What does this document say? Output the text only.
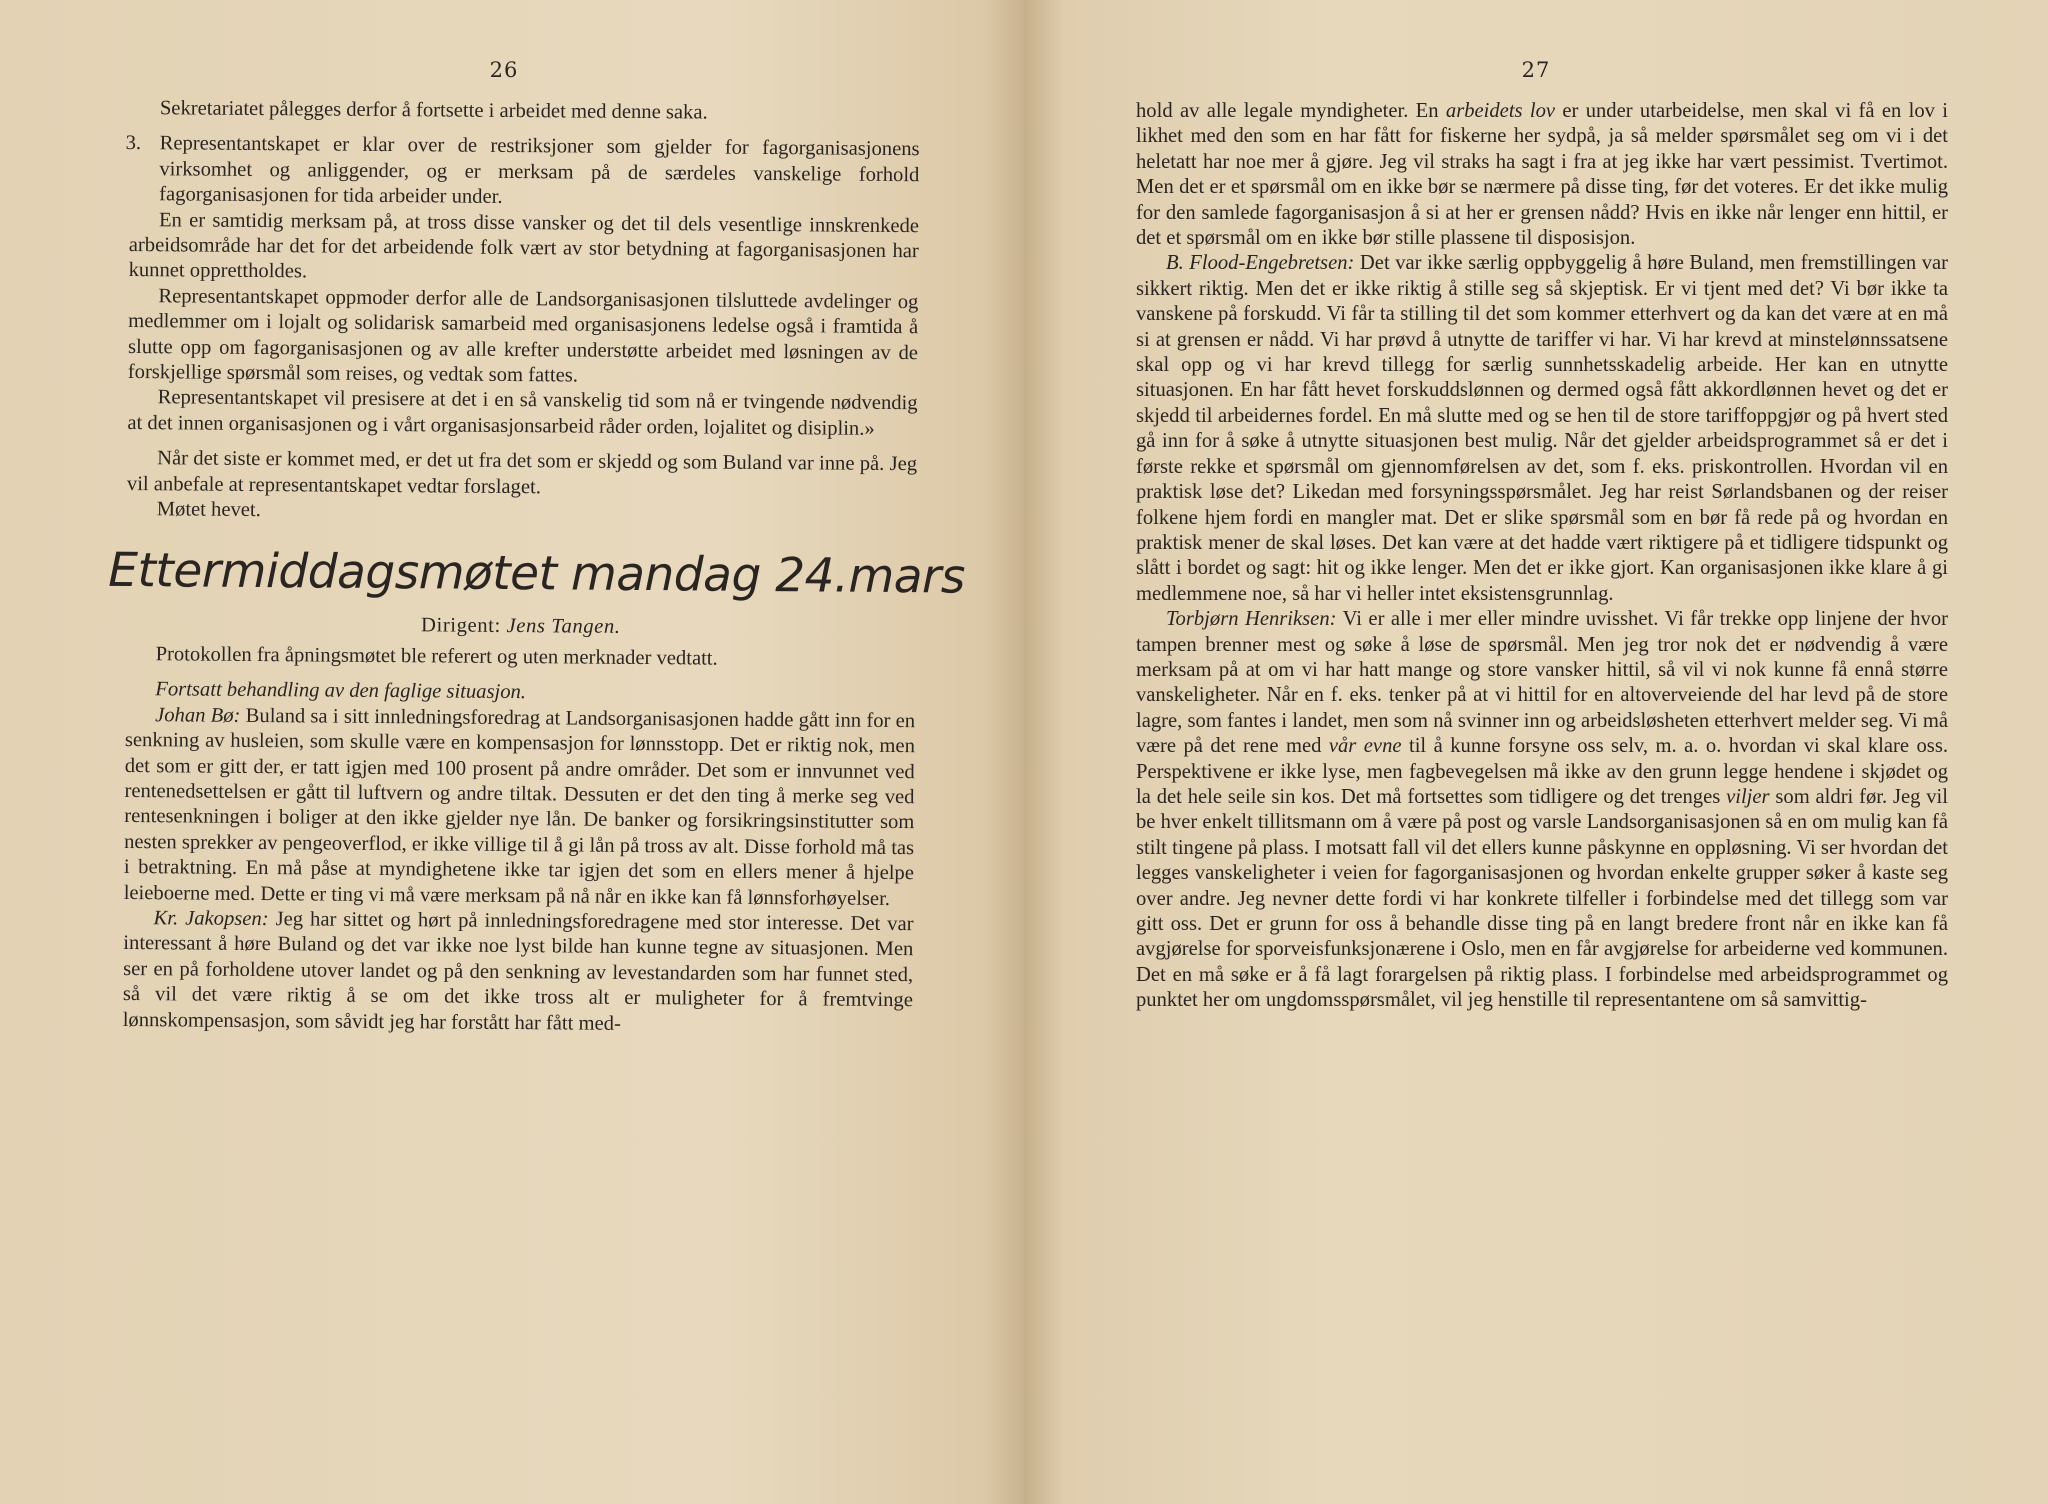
26

Sekretariatet pålegges derfor å fortsette i arbeidet med denne saka.

3. Representantskapet er klar over de restriksjoner som gjelder for fagorganisasjonens virksomhet og anliggender, og er merksam på de særdeles vanskelige forhold fagorganisasjonen for tida arbeider under.

En er samtidig merksam på, at tross disse vansker og det til dels vesentlige innskrenkede arbeidsområde har det for det arbeidende folk vært av stor betydning at fagorganisasjonen har kunnet opprettholdes.

Representantskapet oppmoder derfor alle de Landsorganisasjonen tilsluttede avdelinger og medlemmer om i lojalt og solidarisk samarbeid med organisasjonens ledelse også i framtida å slutte opp om fagorganisasjonen og av alle krefter understøtte arbeidet med løsningen av de forskjellige spørsmål som reises, og vedtak som fattes.

Representantskapet vil presisere at det i en så vanskelig tid som nå er tvingende nødvendig at det innen organisasjonen og i vårt organisasjonsarbeid råder orden, lojalitet og disiplin.»

Når det siste er kommet med, er det ut fra det som er skjedd og som Buland var inne på. Jeg vil anbefale at representantskapet vedtar forslaget.

Møtet hevet.

Ettermiddagsmøtet mandag 24.mars

Dirigent: Jens Tangen.

Protokollen fra åpningsmøtet ble referert og uten merknader vedtatt.

Fortsatt behandling av den faglige situasjon.

Johan Bø: Buland sa i sitt innledningsforedrag at Landsorganisasjonen hadde gått inn for en senkning av husleien, som skulle være en kompensasjon for lønnsstopp. Det er riktig nok, men det som er gitt der, er tatt igjen med 100 prosent på andre områder. Det som er innvunnet ved rentenedsettelsen er gått til luftvern og andre tiltak. Dessuten er det den ting å merke seg ved rentesenkningen i boliger at den ikke gjelder nye lån. De banker og forsikringsinstitutter som nesten sprekker av pengeoverflod, er ikke villige til å gi lån på tross av alt. Disse forhold må tas i betraktning. En må påse at myndighetene ikke tar igjen det som en ellers mener å hjelpe leieboerne med. Dette er ting vi må være merksam på nå når en ikke kan få lønnsforhøyelser.

Kr. Jakopsen: Jeg har sittet og hørt på innledningsforedragene med stor interesse. Det var interessant å høre Buland og det var ikke noe lyst bilde han kunne tegne av situasjonen. Men ser en på forholdene utover landet og på den senkning av levestandarden som har funnet sted, så vil det være riktig å se om det ikke tross alt er muligheter for å fremtvinge lønnskompensasjon, som såvidt jeg har forstått har fått med-

27

hold av alle legale myndigheter. En arbeidets lov er under utarbeidelse, men skal vi få en lov i likhet med den som en har fått for fiskerne her sydpå, ja så melder spørsmålet seg om vi i det heletatt har noe mer å gjøre. Jeg vil straks ha sagt i fra at jeg ikke har vært pessimist. Tvertimot. Men det er et spørsmål om en ikke bør se nærmere på disse ting, før det voteres. Er det ikke mulig for den samlede fagorganisasjon å si at her er grensen nådd? Hvis en ikke når lenger enn hittil, er det et spørsmål om en ikke bør stille plassene til disposisjon.

B. Flood-Engebretsen: Det var ikke særlig oppbyggelig å høre Buland, men fremstillingen var sikkert riktig. Men det er ikke riktig å stille seg så skjeptisk. Er vi tjent med det? Vi bør ikke ta vanskene på forskudd. Vi får ta stilling til det som kommer etterhvert og da kan det være at en må si at grensen er nådd. Vi har prøvd å utnytte de tariffer vi har. Vi har krevd at minstelønnssatsene skal opp og vi har krevd tillegg for særlig sunnhetsskadelig arbeide. Her kan en utnytte situasjonen. En har fått hevet forskuddslønnen og dermed også fått akkordlønnen hevet og det er skjedd til arbeidernes fordel. En må slutte med og se hen til de store tariffoppgjør og på hvert sted gå inn for å søke å utnytte situasjonen best mulig. Når det gjelder arbeidsprogrammet så er det i første rekke et spørsmål om gjennomførelsen av det, som f. eks. priskontrollen. Hvordan vil en praktisk løse det? Likedan med forsyningsspørsmålet. Jeg har reist Sørlandsbanen og der reiser folkene hjem fordi en mangler mat. Det er slike spørsmål som en bør få rede på og hvordan en praktisk mener de skal løses. Det kan være at det hadde vært riktigere på et tidligere tidspunkt og slått i bordet og sagt: hit og ikke lenger. Men det er ikke gjort. Kan organisasjonen ikke klare å gi medlemmene noe, så har vi heller intet eksistensgrunnlag.

Torbjørn Henriksen: Vi er alle i mer eller mindre uvisshet. Vi får trekke opp linjene der hvor tampen brenner mest og søke å løse de spørsmål. Men jeg tror nok det er nødvendig å være merksam på at om vi har hatt mange og store vansker hittil, så vil vi nok kunne få ennå større vanskeligheter. Når en f. eks. tenker på at vi hittil for en altoverveiende del har levd på de store lagre, som fantes i landet, men som nå svinner inn og arbeidsløsheten etterhvert melder seg. Vi må være på det rene med vår evne til å kunne forsyne oss selv, m. a. o. hvordan vi skal klare oss. Perspektivene er ikke lyse, men fagbevegelsen må ikke av den grunn legge hendene i skjødet og la det hele seile sin kos. Det må fortsettes som tidligere og det trenges viljer som aldri før. Jeg vil be hver enkelt tillitsmann om å være på post og varsle Landsorganisasjonen så en om mulig kan få stilt tingene på plass. I motsatt fall vil det ellers kunne påskynne en oppløsning. Vi ser hvordan det legges vanskeligheter i veien for fagorganisasjonen og hvordan enkelte grupper søker å kaste seg over andre. Jeg nevner dette fordi vi har konkrete tilfeller i forbindelse med det tillegg som var gitt oss. Det er grunn for oss å behandle disse ting på en langt bredere front når en ikke kan få avgjørelse for sporveisfunksjonærene i Oslo, men en får avgjørelse for arbeiderne ved kommunen. Det en må søke er å få lagt forargelsen på riktig plass. I forbindelse med arbeidsprogrammet og punktet her om ungdomsspørsmålet, vil jeg henstille til representantene om så samvittig-
